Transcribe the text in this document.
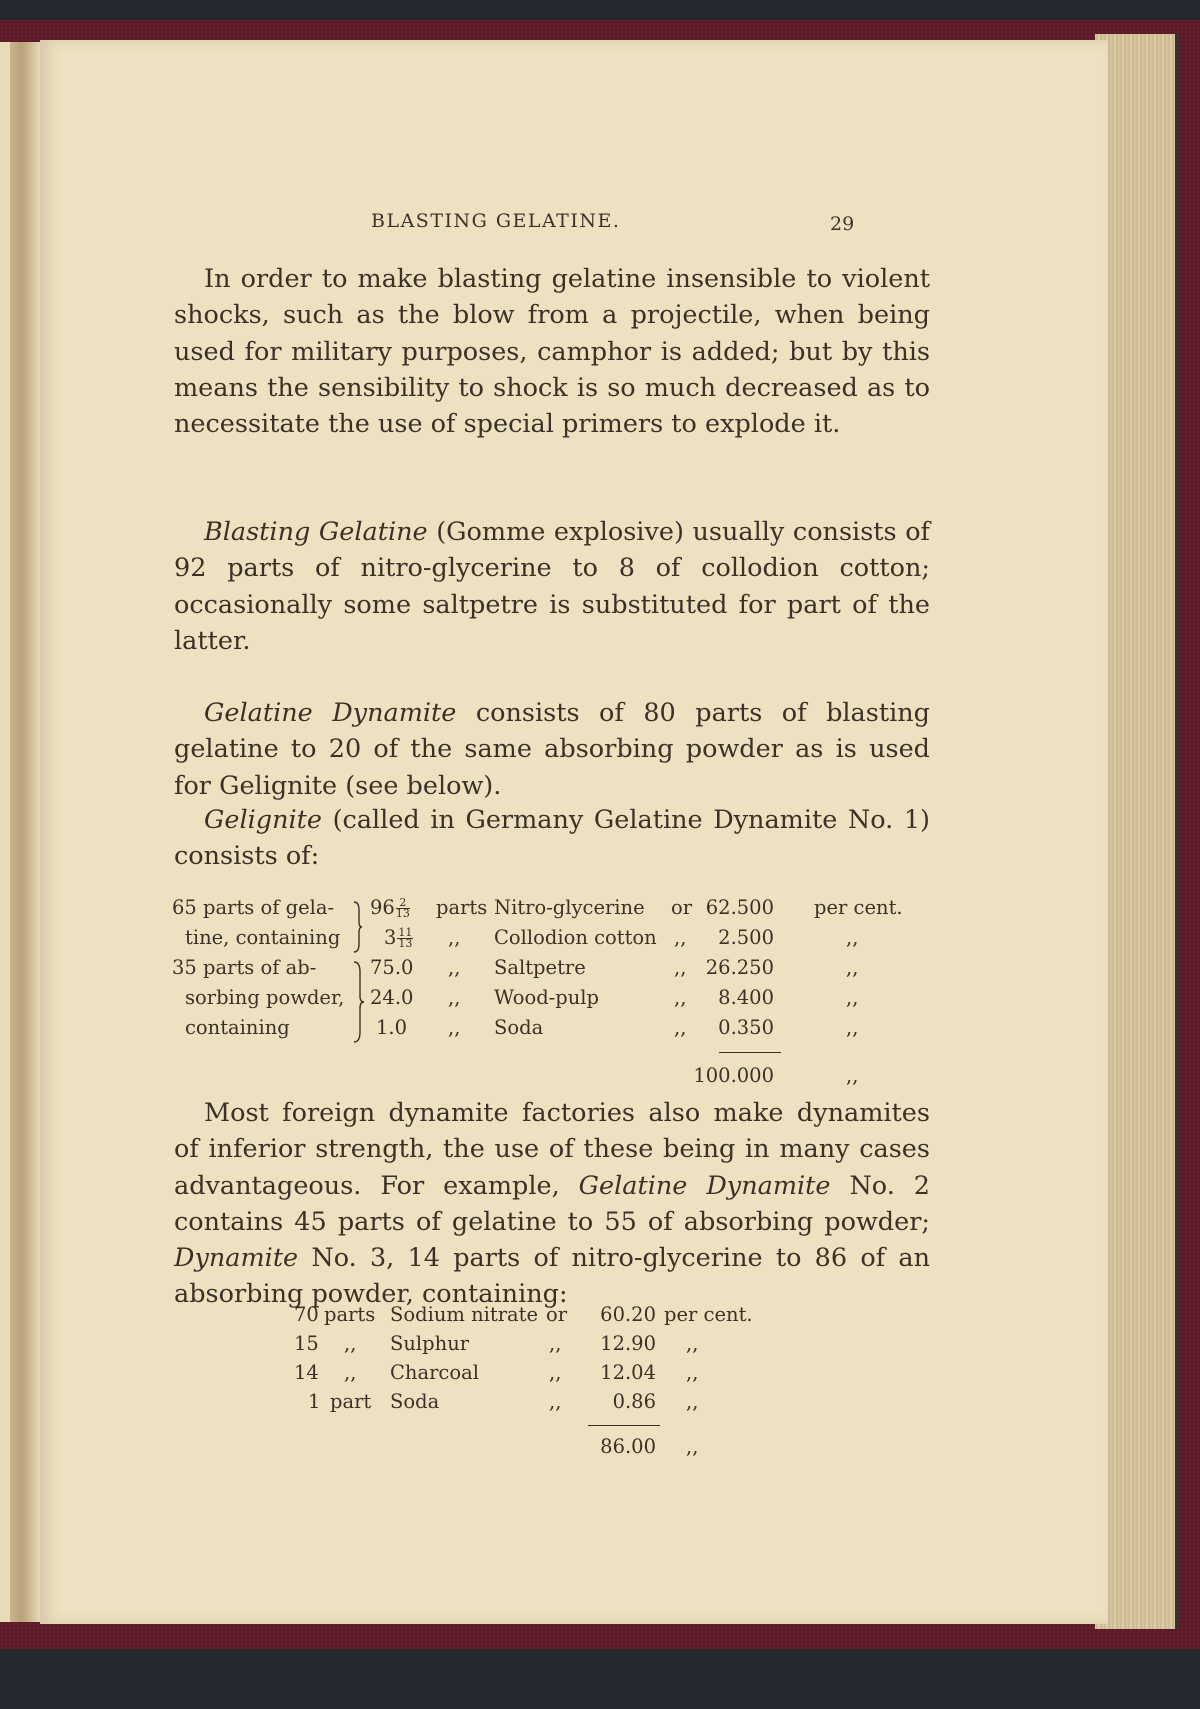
BLASTING GELATINE.	29

In order to make blasting gelatine insensible to violent shocks, such as the blow from a projectile, when being used for military purposes, camphor is added; but by this means the sensibility to shock is so much decreased as to necessitate the use of special primers to explode it.

Blasting Gelatine (Gomme explosive) usually consists of 92 parts of nitro-glycerine to 8 of collodion cotton; occasionally some saltpetre is substituted for part of the latter.

Gelatine Dynamite consists of 80 parts of blasting gelatine to 20 of the same absorbing powder as is used for Gelignite (see below).

Gelignite (called in Germany Gelatine Dynamite No. 1) consists of:

65 parts of gela-
tine, containing
35 parts of ab-
sorbing powder,
containing
$96 \frac{2}{13}$
$3 \frac{11}{13}$
75.0
24.0
1.0
parts
,,
,,
,,
,,
Nitro-glycerine
Collodion cotton
Saltpetre
Wood-pulp
Soda
or
,,
,,
,,
,,
62.500
2.500
26.250
8.400
0.350
per cent.
,,
,,
,,
,,
100.000	,,

Most foreign dynamite factories also make dynamites of inferior strength, the use of these being in many cases advantageous. For example, Gelatine Dynamite No. 2 contains 45 parts of gelatine to 55 of absorbing powder; Dynamite No. 3, 14 parts of nitro-glycerine to 86 of an absorbing powder, containing:

70
15
14
1
parts
,,
,,
part
Sodium nitrate
Sulphur
Charcoal
Soda
or
,,
,,
,,
60.20
12.90
12.04
0.86
per cent.
,,
,,
,,
86.00 ,,
